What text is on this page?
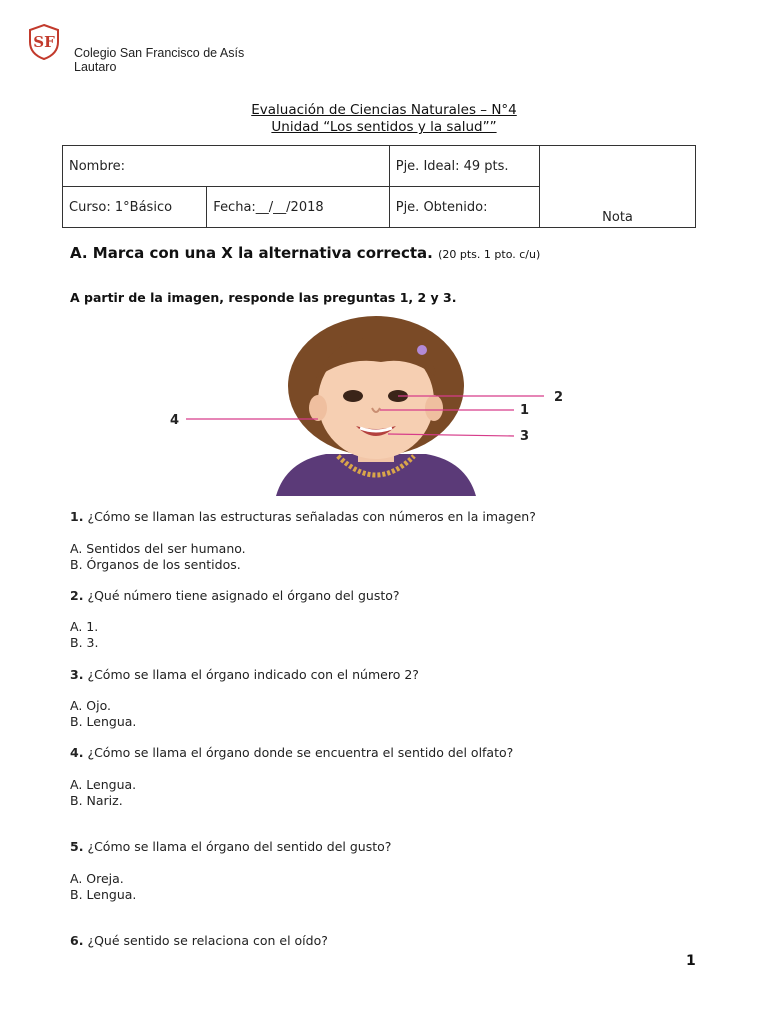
SF
Colegio San Francisco de Asís
Lautaro
Evaluación de Ciencias Naturales – N°4
Unidad “Los sentidos y la salud””
Nombre:		Pje. Ideal: 49 pts.	Nota
Curso: 1°Básico	Fecha:__/__/2018	Pje. Obtenido:	
A. Marca con una X la alternativa correcta. (20 pts. 1 pto. c/u)
A partir de la imagen, responde las preguntas 1, 2 y 3.
2
1
3
4
1. ¿Cómo se llaman las estructuras señaladas con números en la imagen?
A. Sentidos del ser humano.
B. Órganos de los sentidos.
2. ¿Qué número tiene asignado el órgano del gusto?
A. 1.
B. 3.
3. ¿Cómo se llama el órgano indicado con el número 2?
A. Ojo.
B. Lengua.
4. ¿Cómo se llama el órgano donde se encuentra el sentido del olfato?
A. Lengua.
B. Nariz.
5. ¿Cómo se llama el órgano del sentido del gusto?
A. Oreja.
B. Lengua.
6. ¿Qué sentido se relaciona con el oído?
1
